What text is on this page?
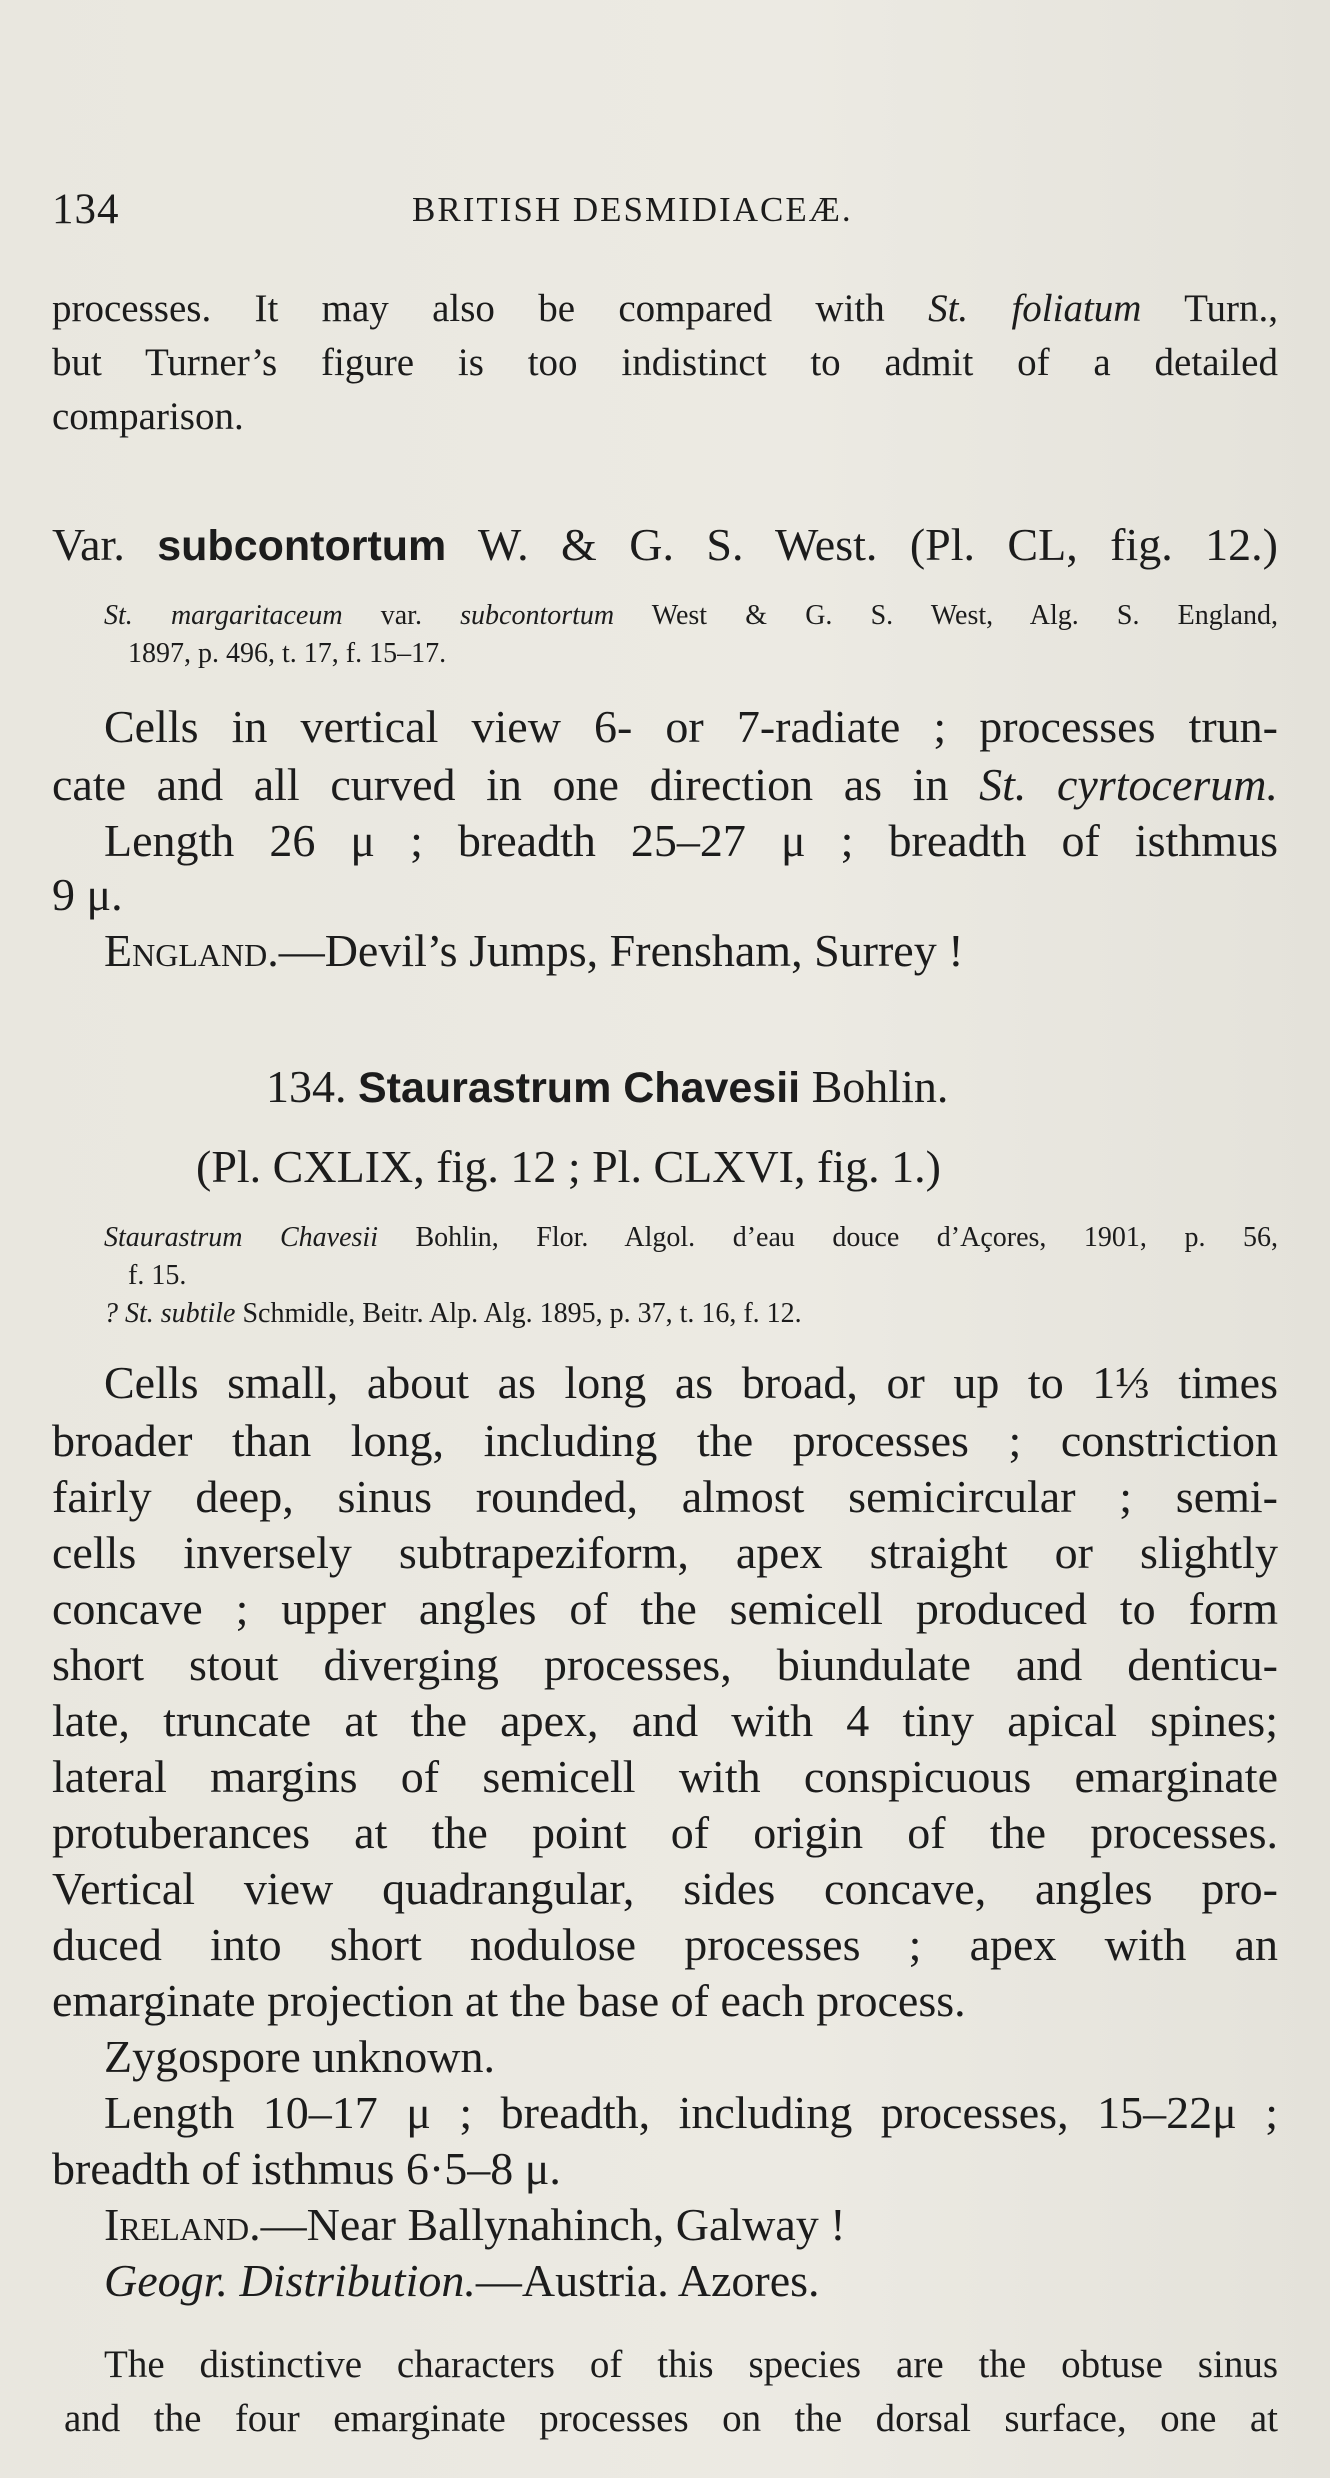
134	BRITISH DESMIDIACEÆ.
processes. It may also be compared with St. foliatum Turn.,
but Turner’s figure is too indistinct to admit of a detailed
comparison.
Var. subcontortum W. & G. S. West. (Pl. CL, fig. 12.)
St. margaritaceum var. subcontortum West & G. S. West, Alg. S. England,
1897, p. 496, t. 17, f. 15–17.
Cells in vertical view 6- or 7-radiate ; processes trun-
cate and all curved in one direction as in St. cyrtocerum.
Length 26 μ ; breadth 25–27 μ ; breadth of isthmus
9 μ.
England.—Devil’s Jumps, Frensham, Surrey !
134. Staurastrum Chavesii Bohlin.
(Pl. CXLIX, fig. 12 ; Pl. CLXVI, fig. 1.)
Staurastrum Chavesii Bohlin, Flor. Algol. d’eau douce d’Açores, 1901, p. 56,
f. 15.
? St. subtile Schmidle, Beitr. Alp. Alg. 1895, p. 37, t. 16, f. 12.
Cells small, about as long as broad, or up to 1⅓ times
broader than long, including the processes ; constriction
fairly deep, sinus rounded, almost semicircular ; semi-
cells inversely subtrapeziform, apex straight or slightly
concave ; upper angles of the semicell produced to form
short stout diverging processes, biundulate and denticu-
late, truncate at the apex, and with 4 tiny apical spines;
lateral margins of semicell with conspicuous emarginate
protuberances at the point of origin of the processes.
Vertical view quadrangular, sides concave, angles pro-
duced into short nodulose processes ; apex with an
emarginate projection at the base of each process.
Zygospore unknown.
Length 10–17 μ ; breadth, including processes, 15–22μ ;
breadth of isthmus 6·5–8 μ.
Ireland.—Near Ballynahinch, Galway !
Geogr. Distribution.—Austria. Azores.
The distinctive characters of this species are the obtuse sinus
and the four emarginate processes on the dorsal surface, one at
